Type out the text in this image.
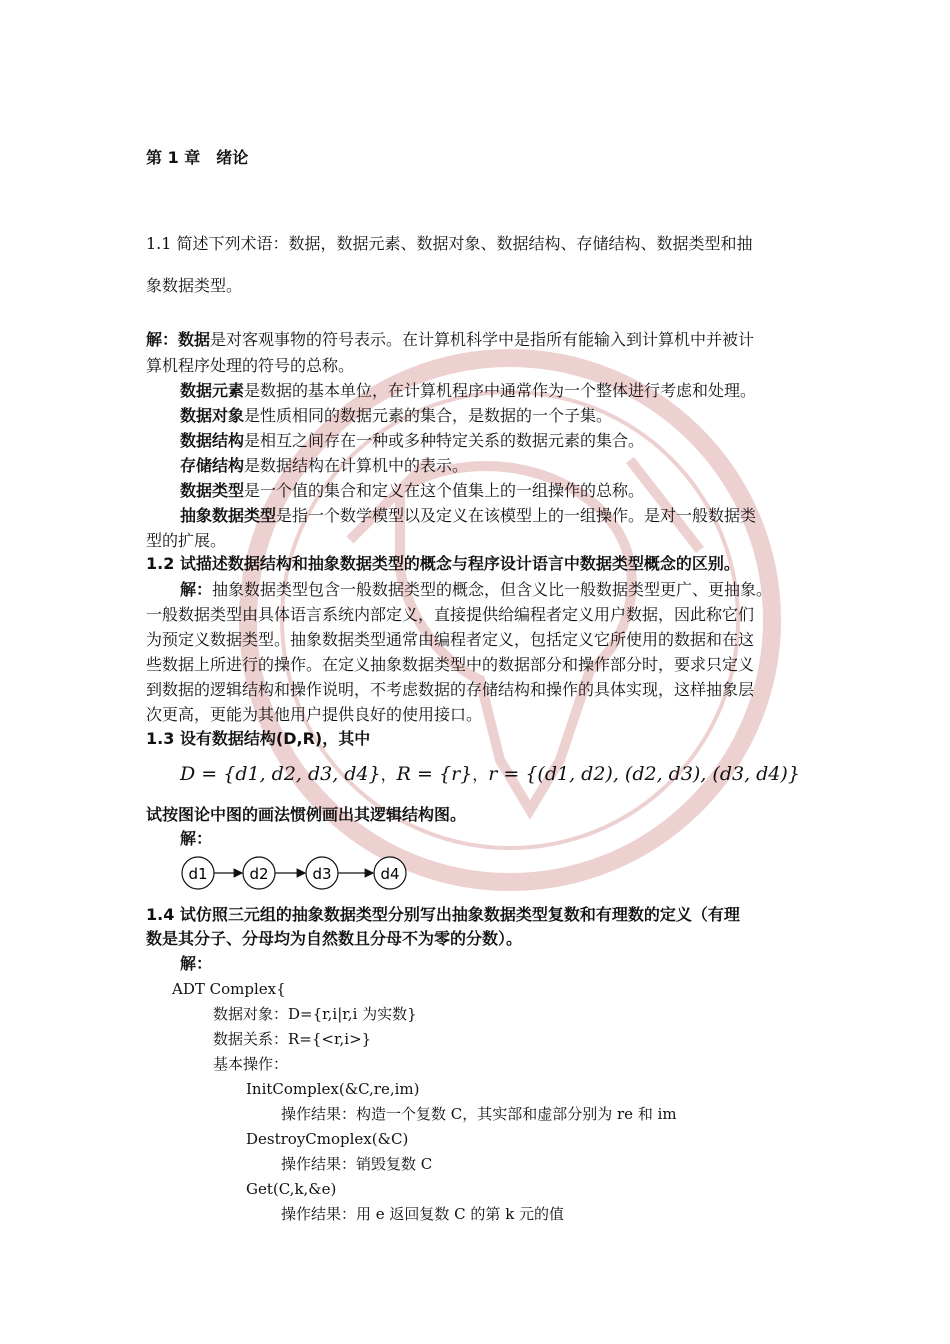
第 1 章　绪论
1.1 简述下列术语：数据，数据元素、数据对象、数据结构、存储结构、数据类型和抽
象数据类型。
解：数据是对客观事物的符号表示。在计算机科学中是指所有能输入到计算机中并被计
算机程序处理的符号的总称。
数据元素是数据的基本单位，在计算机程序中通常作为一个整体进行考虑和处理。
数据对象是性质相同的数据元素的集合，是数据的一个子集。
数据结构是相互之间存在一种或多种特定关系的数据元素的集合。
存储结构是数据结构在计算机中的表示。
数据类型是一个值的集合和定义在这个值集上的一组操作的总称。
抽象数据类型是指一个数学模型以及定义在该模型上的一组操作。是对一般数据类
型的扩展。
1.2 试描述数据结构和抽象数据类型的概念与程序设计语言中数据类型概念的区别。
解：抽象数据类型包含一般数据类型的概念，但含义比一般数据类型更广、更抽象。
一般数据类型由具体语言系统内部定义，直接提供给编程者定义用户数据，因此称它们
为预定义数据类型。抽象数据类型通常由编程者定义，包括定义它所使用的数据和在这
些数据上所进行的操作。在定义抽象数据类型中的数据部分和操作部分时，要求只定义
到数据的逻辑结构和操作说明，不考虑数据的存储结构和操作的具体实现，这样抽象层
次更高，更能为其他用户提供良好的使用接口。
1.3 设有数据结构(D,R)，其中
D = {d1, d2, d3, d4}，R = {r}，r = {(d1, d2), (d2, d3), (d3, d4)}
试按图论中图的画法惯例画出其逻辑结构图。
解：
d1	d2	d3	d4
1.4 试仿照三元组的抽象数据类型分别写出抽象数据类型复数和有理数的定义（有理
数是其分子、分母均为自然数且分母不为零的分数）。
解：
ADT Complex{
数据对象：D={r,i|r,i 为实数}
数据关系：R={<r,i>}
基本操作：
InitComplex(&C,re,im)
操作结果：构造一个复数 C，其实部和虚部分别为 re 和 im
DestroyCmoplex(&C)
操作结果：销毁复数 C
Get(C,k,&e)
操作结果：用 e 返回复数 C 的第 k 元的值
